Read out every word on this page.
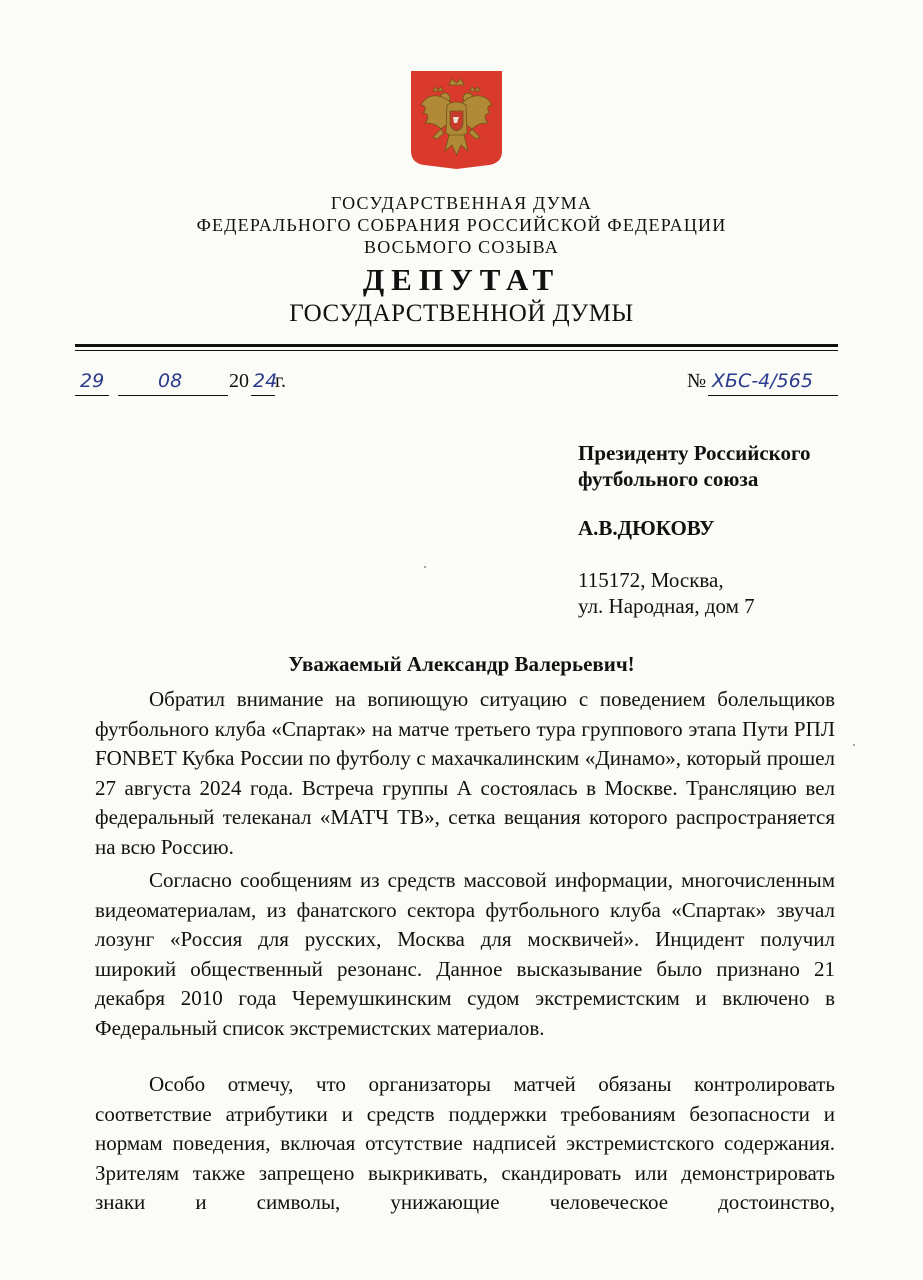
ГОСУДАРСТВЕННАЯ ДУМА
ФЕДЕРАЛЬНОГО СОБРАНИЯ РОССИЙСКОЙ ФЕДЕРАЦИИ
ВОСЬМОГО СОЗЫВА
ДЕПУТАТ
ГОСУДАРСТВЕННОЙ ДУМЫ
29	08 20 24
г.	№ ХБС-4/565
Президенту Российского
футбольного союза
А.В.ДЮКОВУ
115172, Москва,
ул. Народная, дом 7
Уважаемый Александр Валерьевич!

Обратил внимание на вопиющую ситуацию с поведением болельщиков футбольного клуба «Спартак» на матче третьего тура группового этапа Пути РПЛ FONBET Кубка России по футболу с махачкалинским «Динамо», который прошел 27 августа 2024 года. Встреча группы А состоялась в Москве. Трансляцию вел федеральный телеканал «МАТЧ ТВ», сетка вещания которого распространяется на всю Россию.

Согласно сообщениям из средств массовой информации, многочисленным видеоматериалам, из фанатского сектора футбольного клуба «Спартак» звучал лозунг «Россия для русских, Москва для москвичей». Инцидент получил широкий общественный резонанс. Данное высказывание было признано 21 декабря 2010 года Черемушкинским судом экстремистским и включено в Федеральный список экстремистских материалов.

Особо отмечу, что организаторы матчей обязаны контролировать соответствие атрибутики и средств поддержки требованиям безопасности и нормам поведения, включая отсутствие надписей экстремистского содержания. Зрителям также запрещено выкрикивать, скандировать или демонстрировать знаки и символы, унижающие человеческое достоинство,
